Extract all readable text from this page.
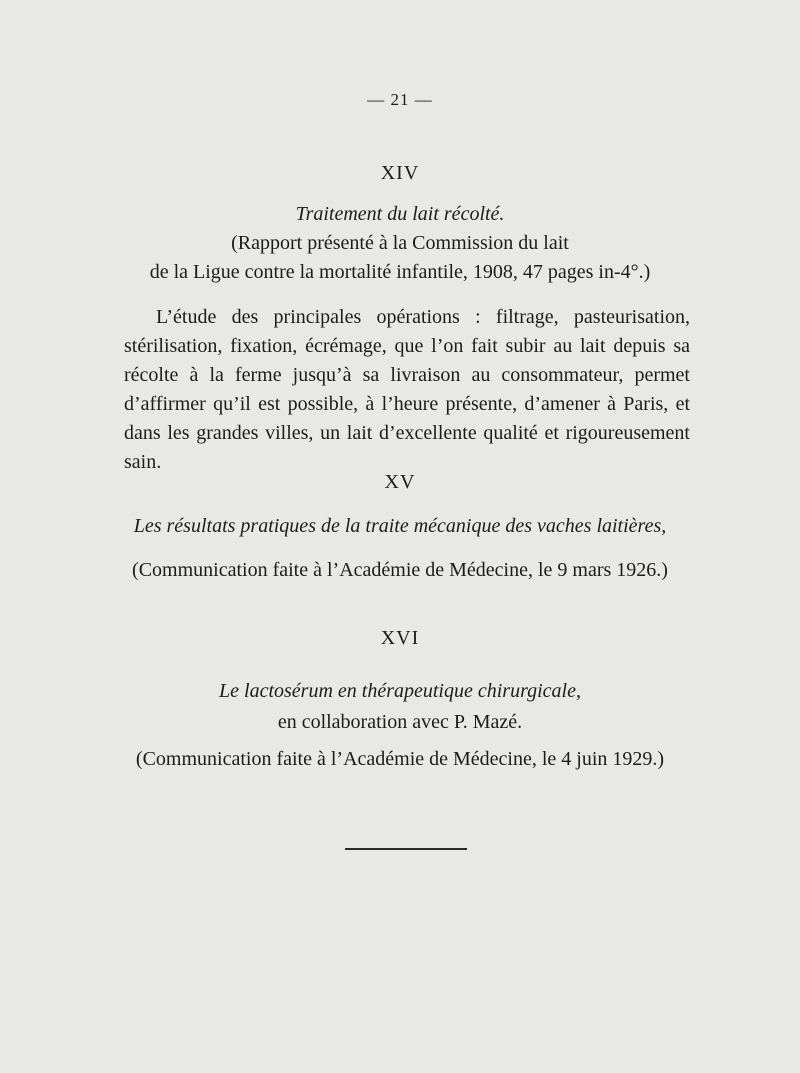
— 21 —
XIV
Traitement du lait récolté.
(Rapport présenté à la Commission du lait
de la Ligue contre la mortalité infantile, 1908, 47 pages in-4°.)
L’étude des principales opérations : filtrage, pasteurisation, stérilisation, fixation, écrémage, que l’on fait subir au lait depuis sa récolte à la ferme jusqu’à sa livraison au consommateur, permet d’affirmer qu’il est possible, à l’heure présente, d’amener à Paris, et dans les grandes villes, un lait d’excellente qualité et rigoureusement sain.
XV
Les résultats pratiques de la traite mécanique des vaches laitières,
(Communication faite à l’Académie de Médecine, le 9 mars 1926.)
XVI
Le lactosérum en thérapeutique chirurgicale,
en collaboration avec P. Mazé.
(Communication faite à l’Académie de Médecine, le 4 juin 1929.)
